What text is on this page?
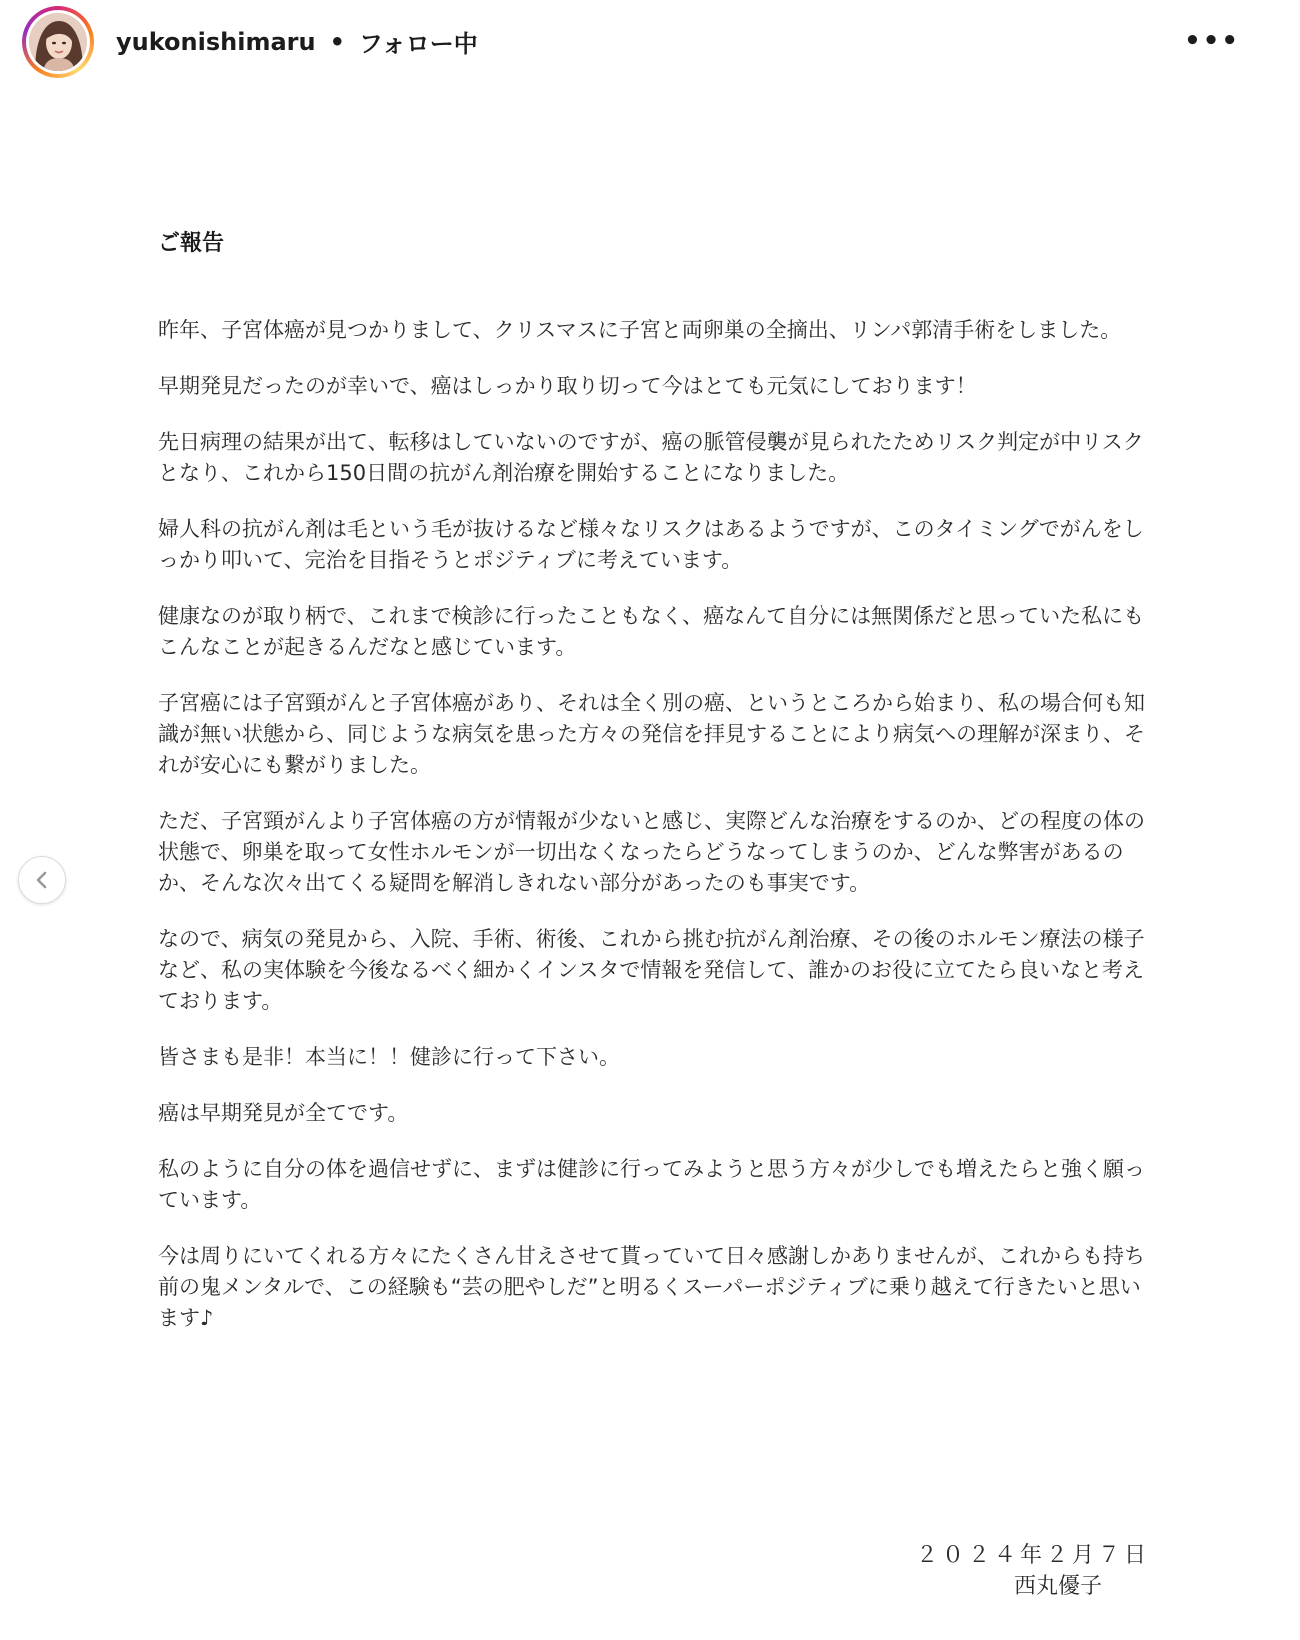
yukonishimaru • フォロー中	•••
ご報告

昨年、子宮体癌が見つかりまして、クリスマスに子宮と両卵巣の全摘出、リンパ郭清手術をしました。

早期発見だったのが幸いで、癌はしっかり取り切って今はとても元気にしております！

先日病理の結果が出て、転移はしていないのですが、癌の脈管侵襲が見られたためリスク判定が中リスクとなり、これから150日間の抗がん剤治療を開始することになりました。

婦人科の抗がん剤は毛という毛が抜けるなど様々なリスクはあるようですが、このタイミングでがんをしっかり叩いて、完治を目指そうとポジティブに考えています。

健康なのが取り柄で、これまで検診に行ったこともなく、癌なんて自分には無関係だと思っていた私にもこんなことが起きるんだなと感じています。

子宮癌には子宮頸がんと子宮体癌があり、それは全く別の癌、というところから始まり、私の場合何も知識が無い状態から、同じような病気を患った方々の発信を拝見することにより病気への理解が深まり、それが安心にも繋がりました。

ただ、子宮頸がんより子宮体癌の方が情報が少ないと感じ、実際どんな治療をするのか、どの程度の体の状態で、卵巣を取って女性ホルモンが一切出なくなったらどうなってしまうのか、どんな弊害があるのか、そんな次々出てくる疑問を解消しきれない部分があったのも事実です。

なので、病気の発見から、入院、手術、術後、これから挑む抗がん剤治療、その後のホルモン療法の様子など、私の実体験を今後なるべく細かくインスタで情報を発信して、誰かのお役に立てたら良いなと考えております。

皆さまも是非！本当に！！健診に行って下さい。

癌は早期発見が全てです。

私のように自分の体を過信せずに、まずは健診に行ってみようと思う方々が少しでも増えたらと強く願っています。

今は周りにいてくれる方々にたくさん甘えさせて貰っていて日々感謝しかありませんが、これからも持ち前の鬼メンタルで、この経験も“芸の肥やしだ”と明るくスーパーポジティブに乗り越えて行きたいと思います♪

２０２４年２月７日
西丸優子
